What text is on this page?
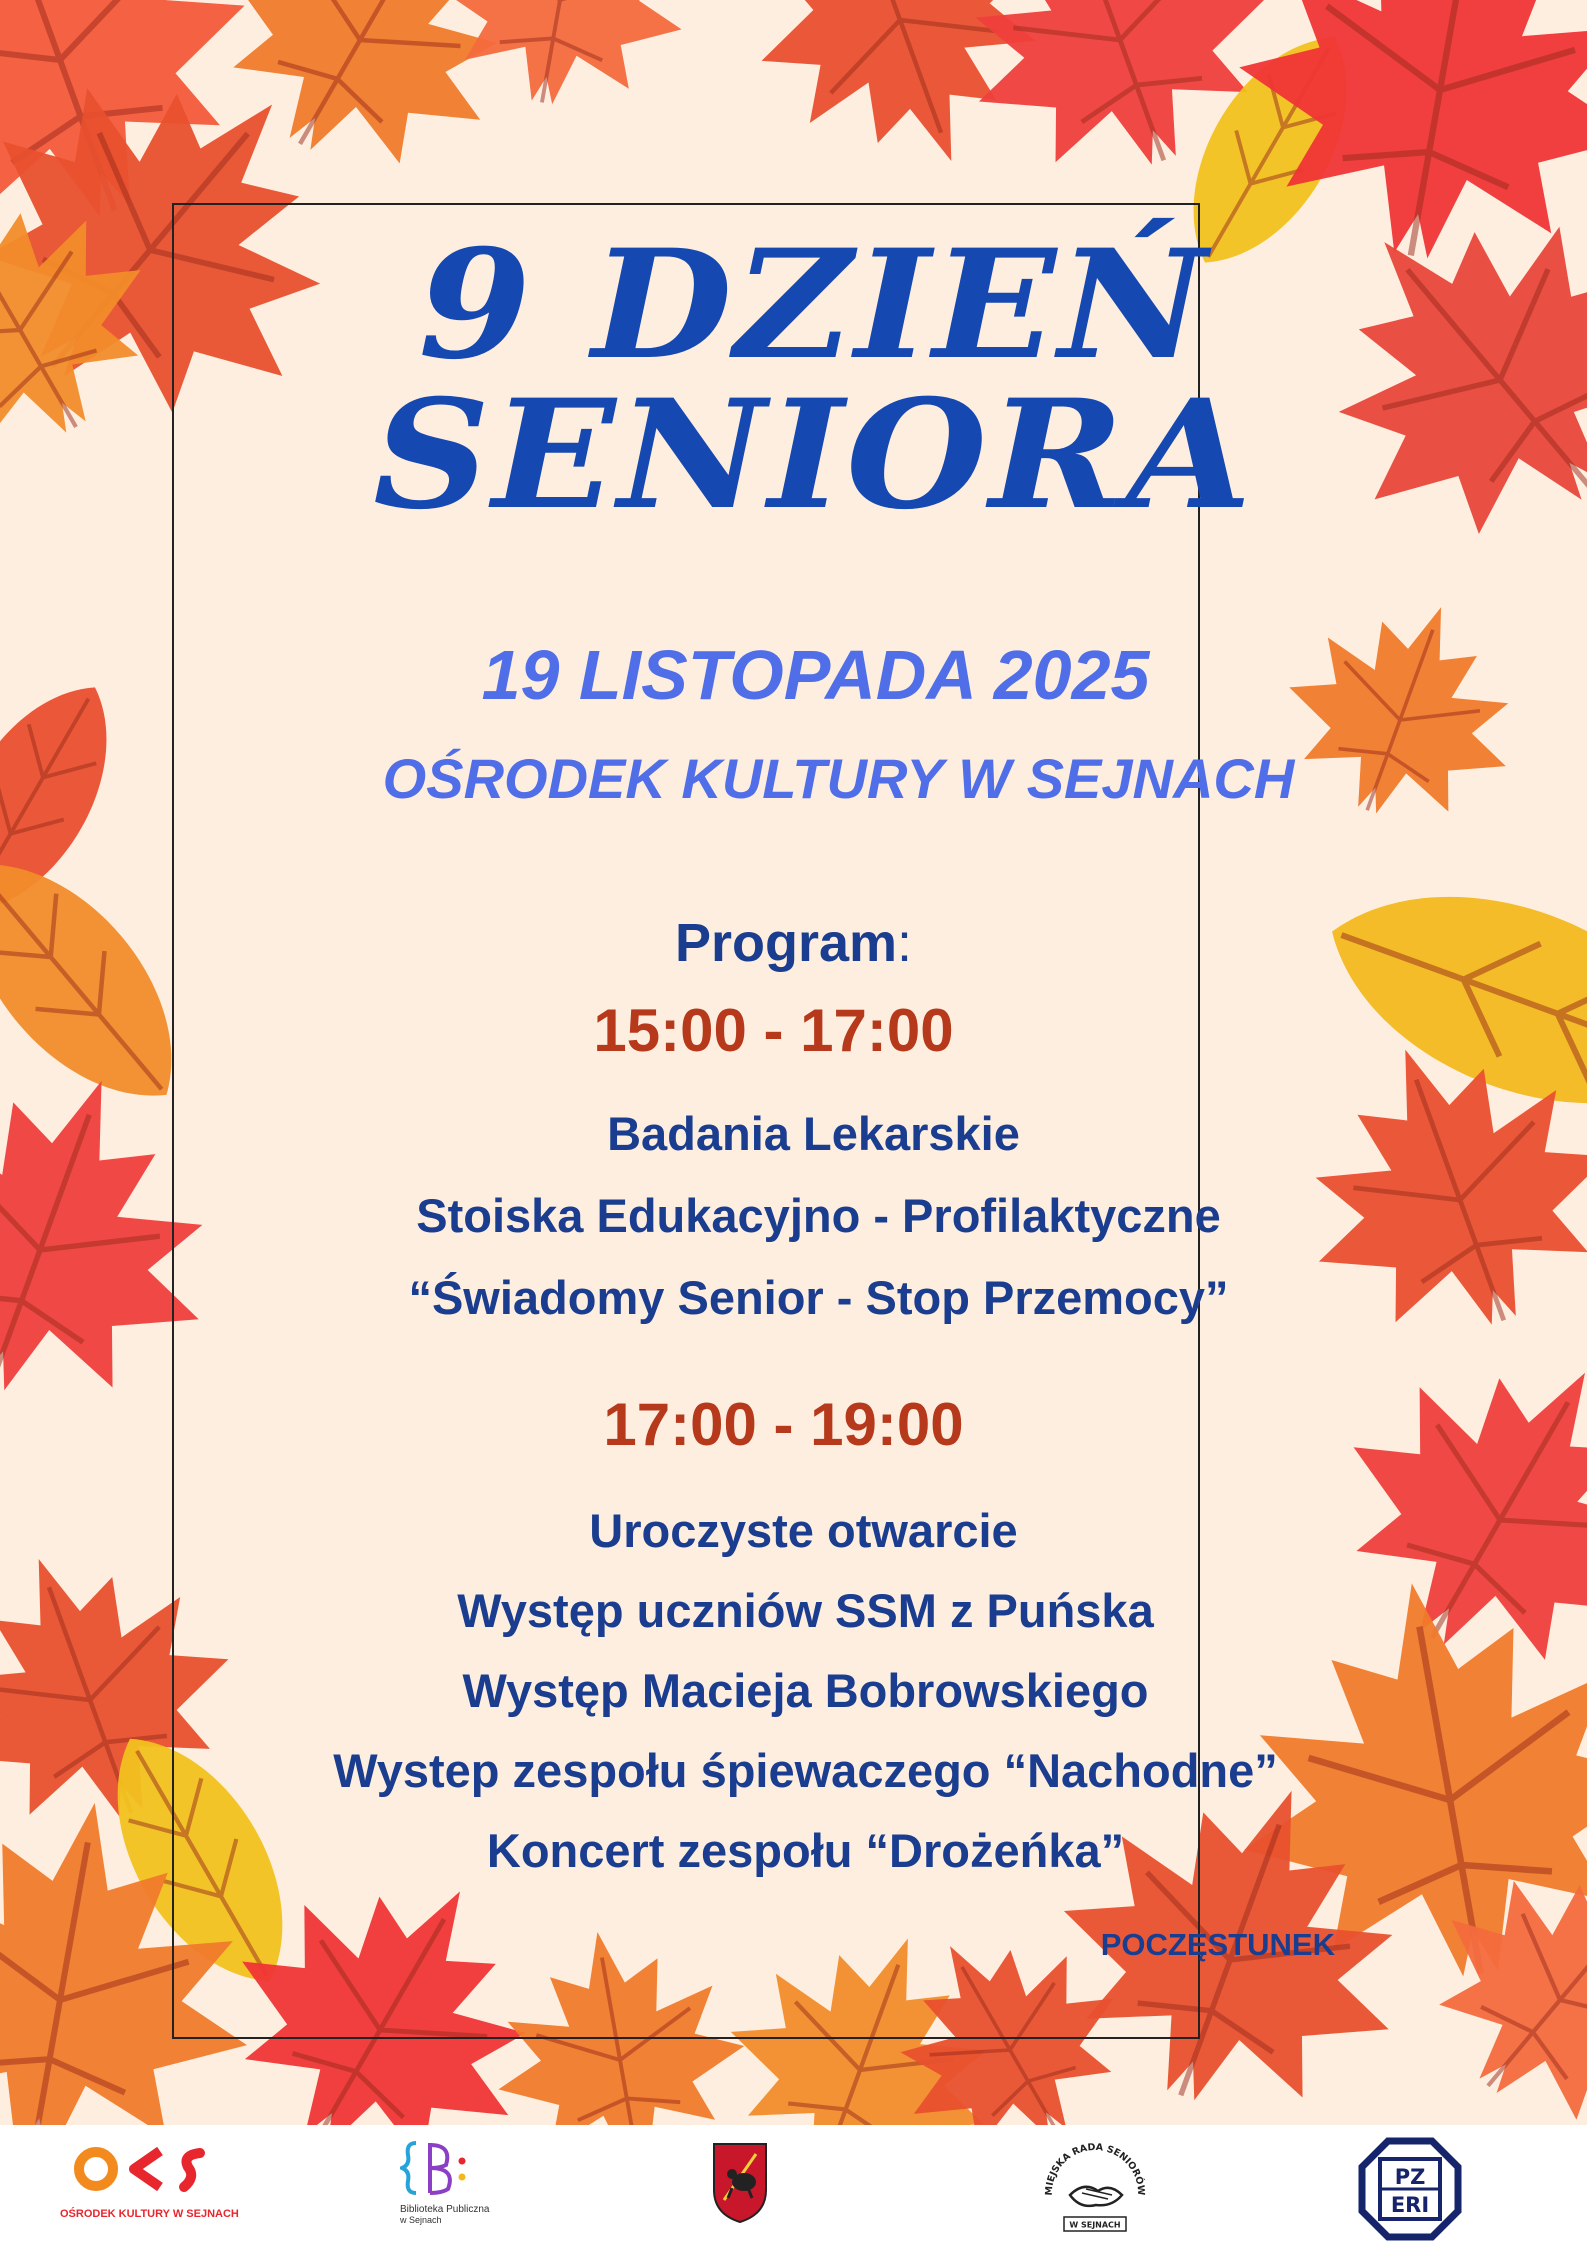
9 DZIEŃ
SENIORA
19 LISTOPADA 2025
OŚRODEK KULTURY W SEJNACH
Program:
15:00 - 17:00
Badania Lekarskie
Stoiska Edukacyjno - Profilaktyczne
“Świadomy Senior - Stop Przemocy”
17:00 - 19:00
Uroczyste otwarcie
Występ uczniów SSM z Puńska
Występ Macieja Bobrowskiego
Wystep zespołu śpiewaczego “Nachodne”
Koncert zespołu “Drożeńka”
POCZĘSTUNEK
OŚRODEK KULTURY W SEJNACH	Biblioteka Publiczna
w Sejnach
MIEJSKA RADA SENIORÓW
W SEJNACH
PZ
ERI
